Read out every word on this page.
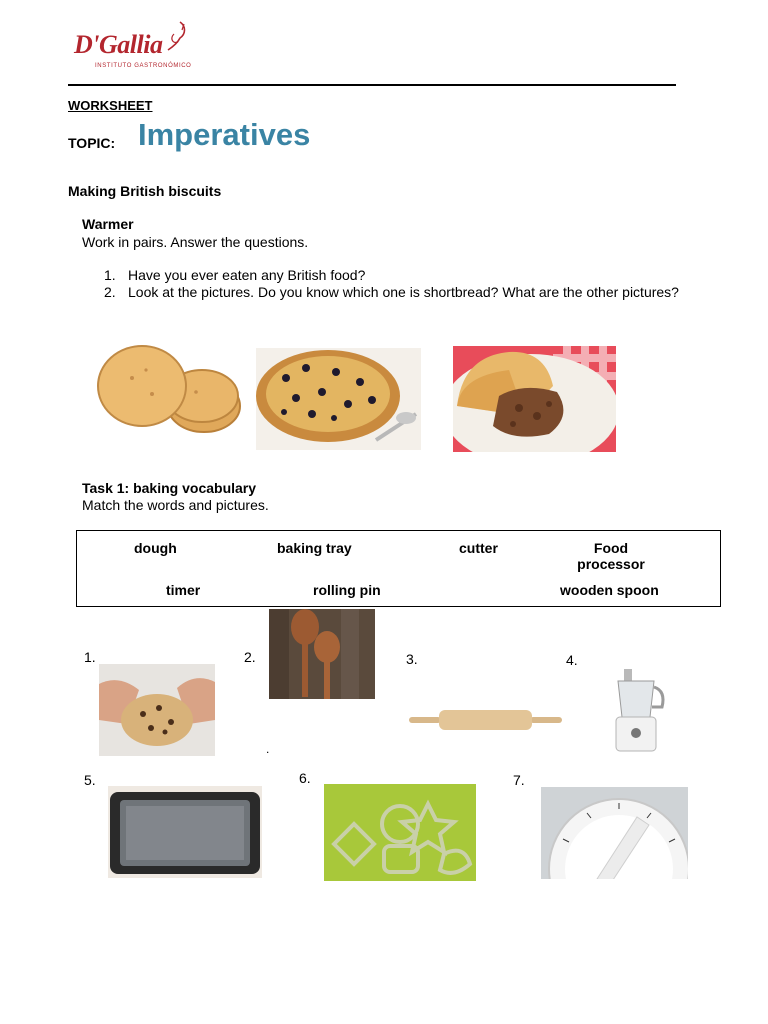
D'Gallia
INSTITUTO GASTRONÓMICO
WORKSHEET
TOPIC: Imperatives
Making British biscuits
Warmer
Work in pairs. Answer the questions.
1. Have you ever eaten any British food?
2. Look at the pictures. Do you know which one is shortbread? What are the other pictures?
Task 1: baking vocabulary
Match the words and pictures.
dough	baking tray	cutter	Food processor
timer	rolling pin	wooden spoon
1.	2.
.
3.	4.
5.	6.	7.
